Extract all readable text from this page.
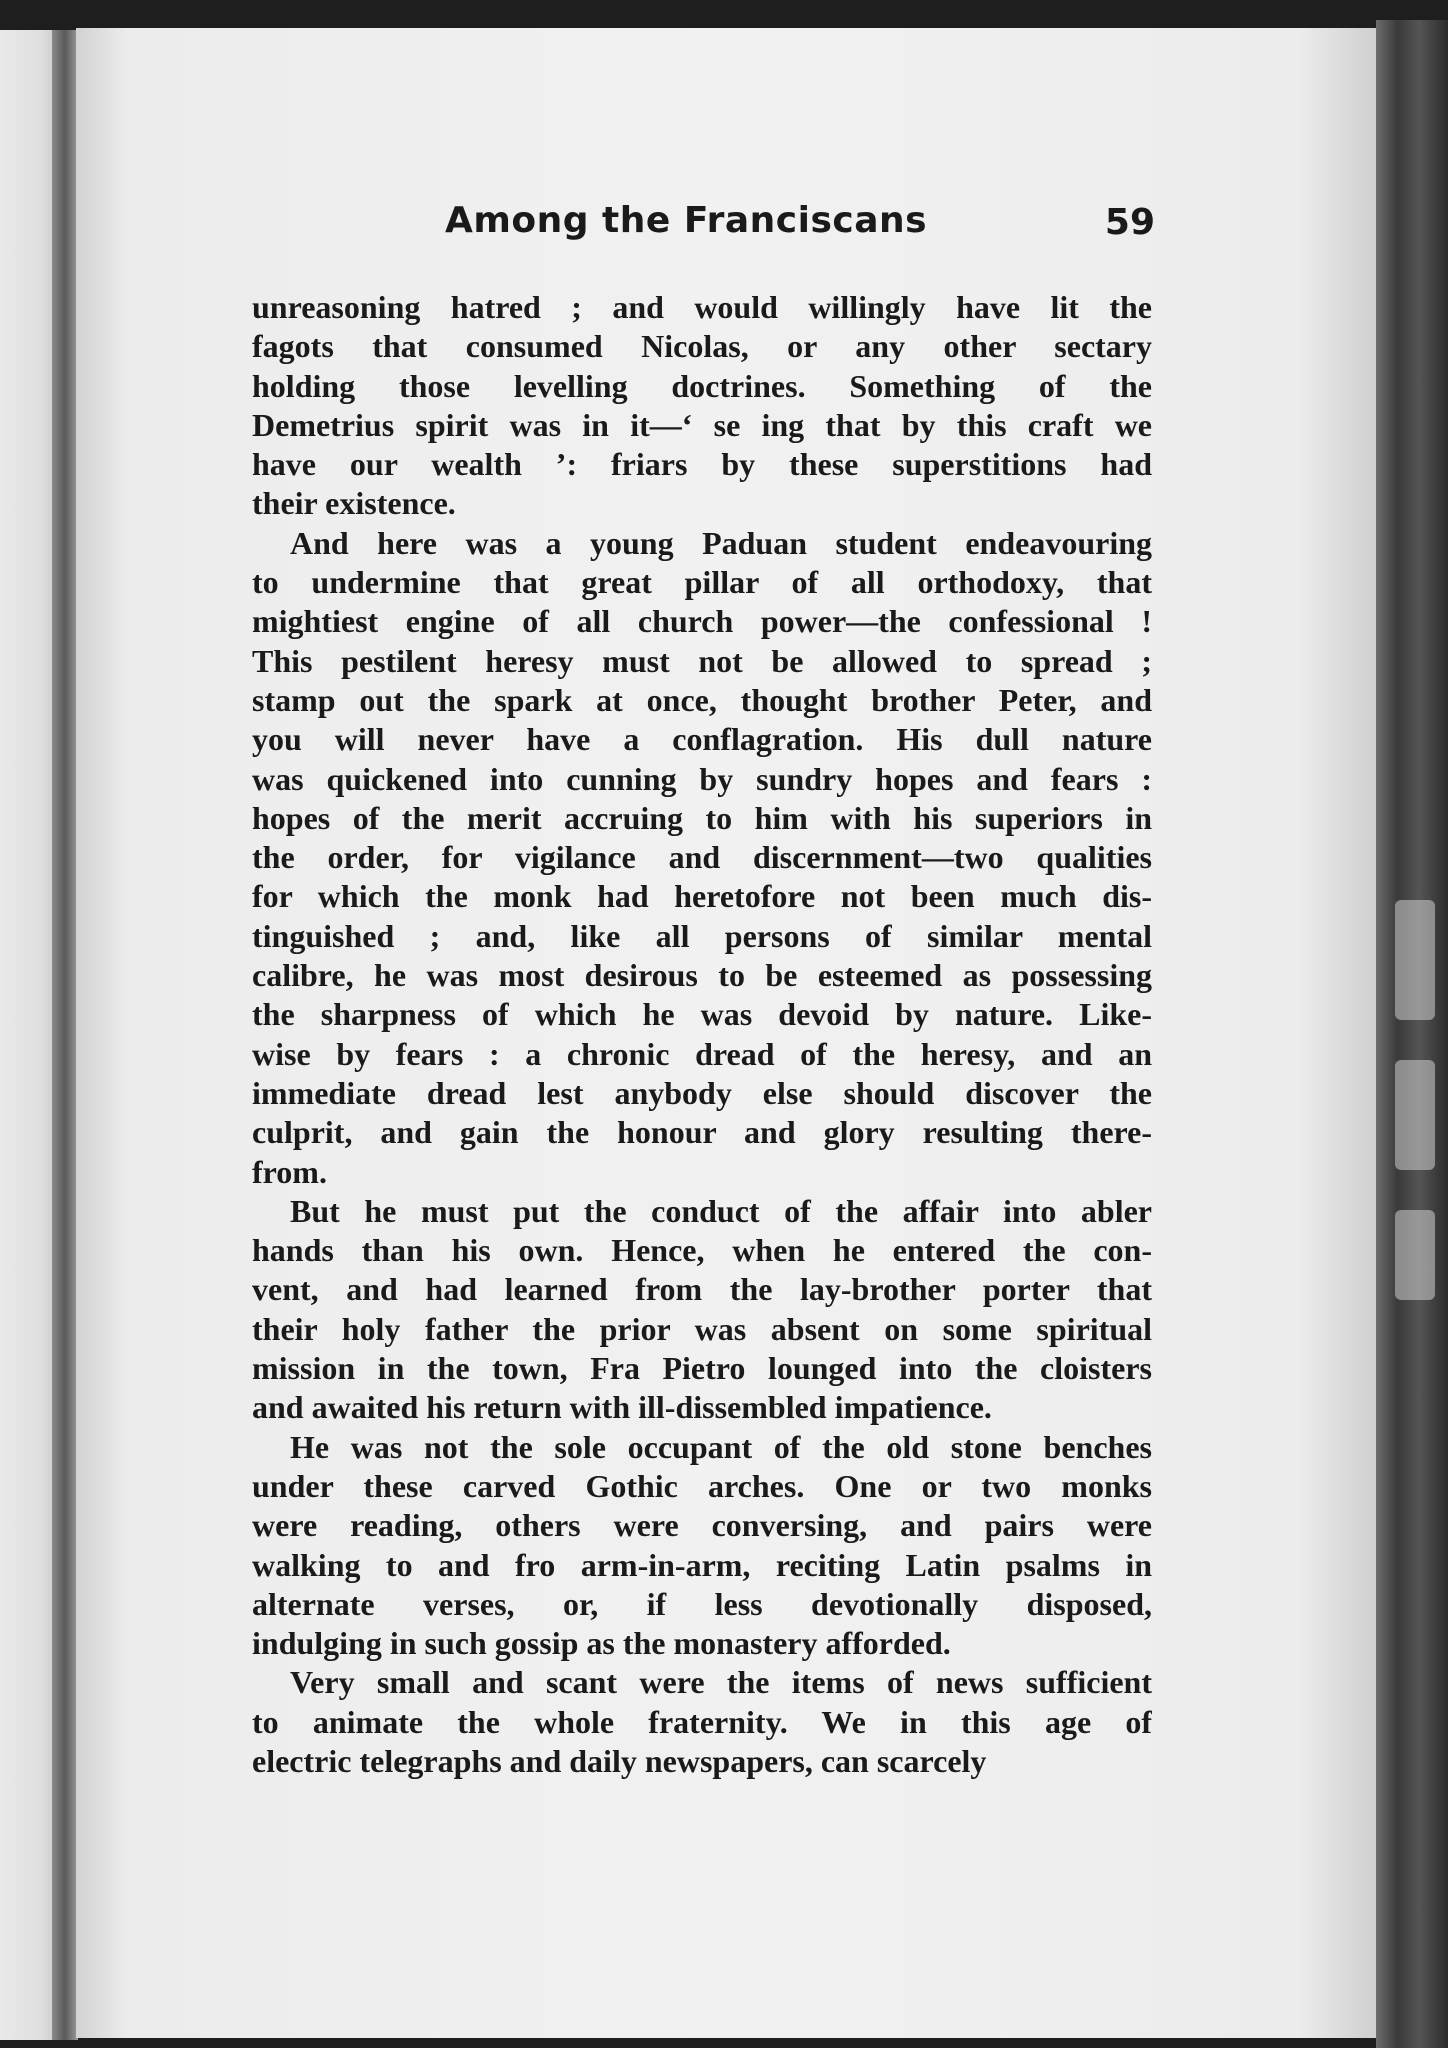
Among the Franciscans	59

unreasoning hatred ; and would willingly have lit the
fagots that consumed Nicolas, or any other sectary
holding those levelling doctrines. Something of the
Demetrius spirit was in it—‘ se ing that by this craft we
have our wealth ’: friars by these superstitions had
their existence.

And here was a young Paduan student endeavouring
to undermine that great pillar of all orthodoxy, that
mightiest engine of all church power—the confessional !
This pestilent heresy must not be allowed to spread ;
stamp out the spark at once, thought brother Peter, and
you will never have a conflagration. His dull nature
was quickened into cunning by sundry hopes and fears :
hopes of the merit accruing to him with his superiors in
the order, for vigilance and discernment—two qualities
for which the monk had heretofore not been much dis-
tinguished ; and, like all persons of similar mental
calibre, he was most desirous to be esteemed as possessing
the sharpness of which he was devoid by nature. Like-
wise by fears : a chronic dread of the heresy, and an
immediate dread lest anybody else should discover the
culprit, and gain the honour and glory resulting there-
from.

But he must put the conduct of the affair into abler
hands than his own. Hence, when he entered the con-
vent, and had learned from the lay-brother porter that
their holy father the prior was absent on some spiritual
mission in the town, Fra Pietro lounged into the cloisters
and awaited his return with ill-dissembled impatience.

He was not the sole occupant of the old stone benches
under these carved Gothic arches. One or two monks
were reading, others were conversing, and pairs were
walking to and fro arm-in-arm, reciting Latin psalms in
alternate verses, or, if less devotionally disposed,
indulging in such gossip as the monastery afforded.

Very small and scant were the items of news sufficient
to animate the whole fraternity. We in this age of
electric telegraphs and daily newspapers, can scarcely
